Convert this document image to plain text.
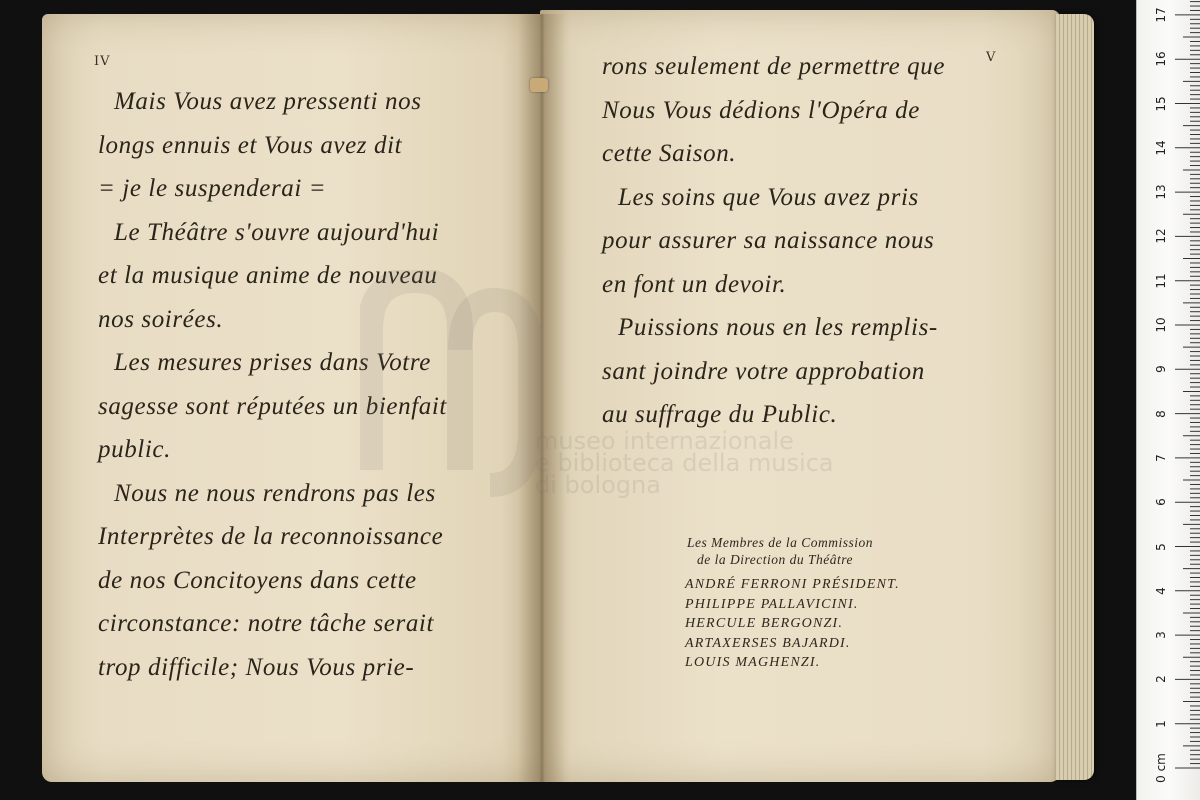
IV
Mais Vous avez pressenti nos
longs ennuis et Vous avez dit
= je le suspenderai =
Le Théâtre s'ouvre aujourd'hui
et la musique anime de nouveau
nos soirées.
Les mesures prises dans Votre
sagesse sont réputées un bienfait
public.
Nous ne nous rendrons pas les
Interprètes de la reconnoissance
de nos Concitoyens dans cette
circonstance: notre tâche serait
trop difficile; Nous Vous prie-
V
rons seulement de permettre que
Nous Vous dédions l'Opéra de
cette Saison.
Les soins que Vous avez pris
pour assurer sa naissance nous
en font un devoir.
Puissions nous en les remplis-
sant joindre votre approbation
au suffrage du Public.
Les Membres de la Commission
de la Direction du Théâtre
ANDRÉ FERRONI PRÉSIDENT.
PHILIPPE PALLAVICINI.
HERCULE BERGONZI.
ARTAXERSES BAJARDI.
LOUIS MAGHENZI.
0 cm
1
2
3
4
5
6
7
8
9
10
11
12
13
14
15
16
17
